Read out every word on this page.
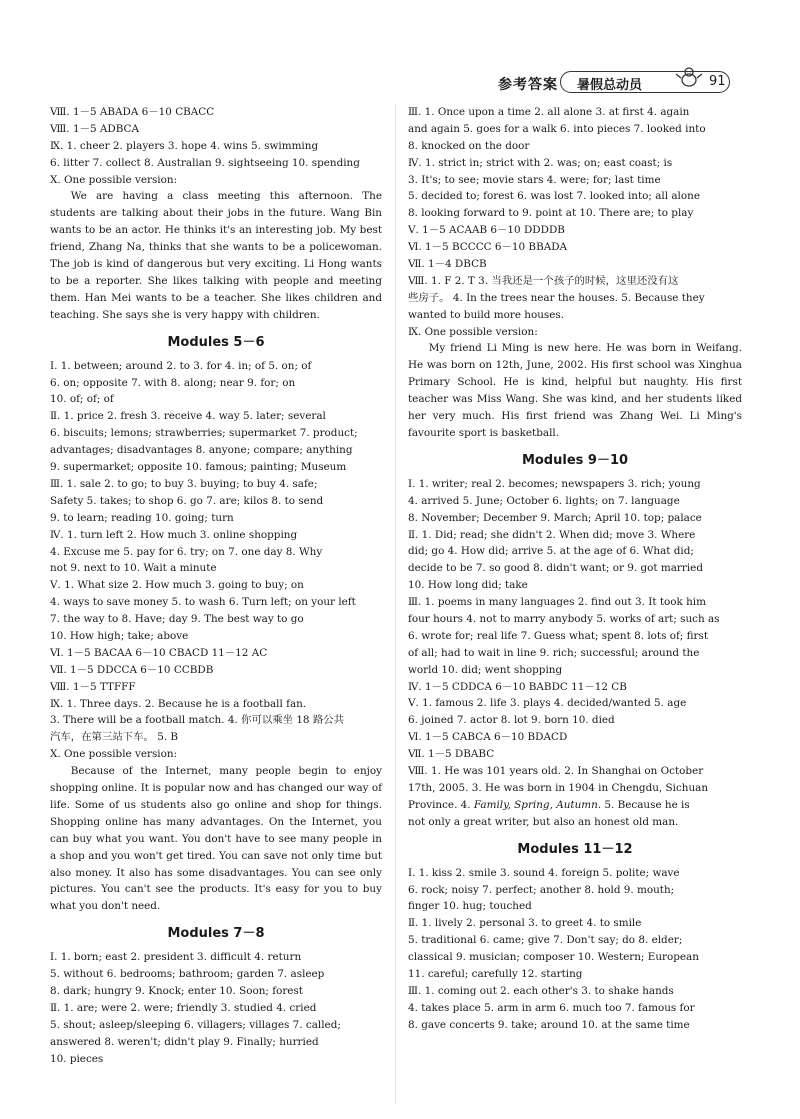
参考答案 暑假总动员	91
Ⅷ. 1－5 ABADA 6－10 CBACC
Ⅷ. 1－5 ADBCA
Ⅸ. 1. cheer 2. players 3. hope 4. wins 5. swimming
6. litter 7. collect 8. Australian 9. sightseeing 10. spending
Ⅹ. One possible version:
We are having a class meeting this afternoon. The students are talking about their jobs in the future. Wang Bin wants to be an actor. He thinks it's an interesting job. My best friend, Zhang Na, thinks that she wants to be a policewoman. The job is kind of dangerous but very exciting. Li Hong wants to be a reporter. She likes talking with people and meeting them. Han Mei wants to be a teacher. She likes children and teaching. She says she is very happy with children.
Modules 5－6
Ⅰ. 1. between; around 2. to 3. for 4. in; of 5. on; of
6. on; opposite 7. with 8. along; near 9. for; on
10. of; of; of
Ⅱ. 1. price 2. fresh 3. receive 4. way 5. later; several
6. biscuits; lemons; strawberries; supermarket 7. product;
advantages; disadvantages 8. anyone; compare; anything
9. supermarket; opposite 10. famous; painting; Museum
Ⅲ. 1. sale 2. to go; to buy 3. buying; to buy 4. safe;
Safety 5. takes; to shop 6. go 7. are; kilos 8. to send
9. to learn; reading 10. going; turn
Ⅳ. 1. turn left 2. How much 3. online shopping
4. Excuse me 5. pay for 6. try; on 7. one day 8. Why
not 9. next to 10. Wait a minute
Ⅴ. 1. What size 2. How much 3. going to buy; on
4. ways to save money 5. to wash 6. Turn left; on your left
7. the way to 8. Have; day 9. The best way to go
10. How high; take; above
Ⅵ. 1－5 BACAA 6－10 CBACD 11－12 AC
Ⅶ. 1－5 DDCCA 6－10 CCBDB
Ⅷ. 1－5 TTFFF
Ⅸ. 1. Three days. 2. Because he is a football fan.
3. There will be a football match. 4. 你可以乘坐 18 路公共
汽车，在第三站下车。 5. B
Ⅹ. One possible version:
Because of the Internet, many people begin to enjoy shopping online. It is popular now and has changed our way of life. Some of us students also go online and shop for things. Shopping online has many advantages. On the Internet, you can buy what you want. You don't have to see many people in a shop and you won't get tired. You can save not only time but also money. It also has some disadvantages. You can see only pictures. You can't see the products. It's easy for you to buy what you don't need.
Modules 7－8
Ⅰ. 1. born; east 2. president 3. difficult 4. return
5. without 6. bedrooms; bathroom; garden 7. asleep
8. dark; hungry 9. Knock; enter 10. Soon; forest
Ⅱ. 1. are; were 2. were; friendly 3. studied 4. cried
5. shout; asleep/sleeping 6. villagers; villages 7. called;
answered 8. weren't; didn't play 9. Finally; hurried
10. pieces
Ⅲ. 1. Once upon a time 2. all alone 3. at first 4. again
and again 5. goes for a walk 6. into pieces 7. looked into
8. knocked on the door
Ⅳ. 1. strict in; strict with 2. was; on; east coast; is
3. It's; to see; movie stars 4. were; for; last time
5. decided to; forest 6. was lost 7. looked into; all alone
8. looking forward to 9. point at 10. There are; to play
Ⅴ. 1－5 ACAAB 6－10 DDDDB
Ⅵ. 1－5 BCCCC 6－10 BBADA
Ⅶ. 1－4 DBCB
Ⅷ. 1. F 2. T 3. 当我还是一个孩子的时候，这里还没有这
些房子。 4. In the trees near the houses. 5. Because they
wanted to build more houses.
Ⅸ. One possible version:
My friend Li Ming is new here. He was born in Weifang. He was born on 12th, June, 2002. His first school was Xinghua Primary School. He is kind, helpful but naughty. His first teacher was Miss Wang. She was kind, and her students liked her very much. His first friend was Zhang Wei. Li Ming's favourite sport is basketball.
Modules 9－10
Ⅰ. 1. writer; real 2. becomes; newspapers 3. rich; young
4. arrived 5. June; October 6. lights; on 7. language
8. November; December 9. March; April 10. top; palace
Ⅱ. 1. Did; read; she didn't 2. When did; move 3. Where
did; go 4. How did; arrive 5. at the age of 6. What did;
decide to be 7. so good 8. didn't want; or 9. got married
10. How long did; take
Ⅲ. 1. poems in many languages 2. find out 3. It took him
four hours 4. not to marry anybody 5. works of art; such as
6. wrote for; real life 7. Guess what; spent 8. lots of; first
of all; had to wait in line 9. rich; successful; around the
world 10. did; went shopping
Ⅳ. 1－5 CDDCA 6－10 BABDC 11－12 CB
Ⅴ. 1. famous 2. life 3. plays 4. decided/wanted 5. age
6. joined 7. actor 8. lot 9. born 10. died
Ⅵ. 1－5 CABCA 6－10 BDACD
Ⅶ. 1－5 DBABC
Ⅷ. 1. He was 101 years old. 2. In Shanghai on October
17th, 2005. 3. He was born in 1904 in Chengdu, Sichuan
Province. 4. Family, Spring, Autumn. 5. Because he is
not only a great writer, but also an honest old man.
Modules 11－12
Ⅰ. 1. kiss 2. smile 3. sound 4. foreign 5. polite; wave
6. rock; noisy 7. perfect; another 8. hold 9. mouth;
finger 10. hug; touched
Ⅱ. 1. lively 2. personal 3. to greet 4. to smile
5. traditional 6. came; give 7. Don't say; do 8. elder;
classical 9. musician; composer 10. Western; European
11. careful; carefully 12. starting
Ⅲ. 1. coming out 2. each other's 3. to shake hands
4. takes place 5. arm in arm 6. much too 7. famous for
8. gave concerts 9. take; around 10. at the same time
